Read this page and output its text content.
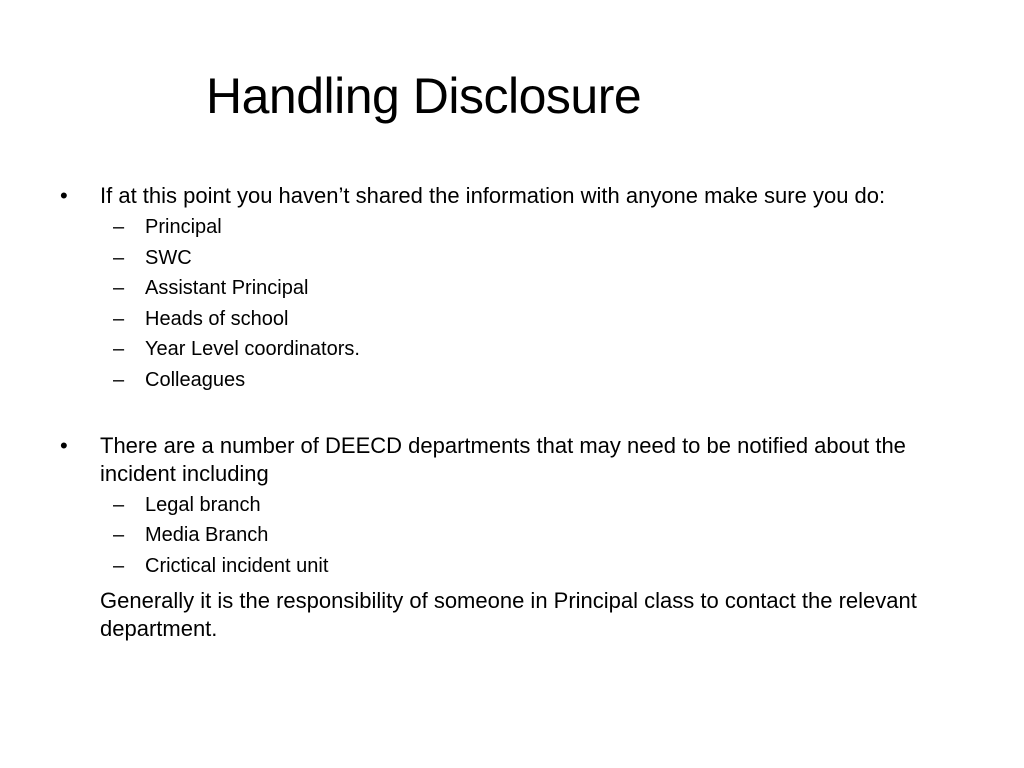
Handling Disclosure
•	If at this point you haven’t shared the information with anyone make sure you do:
– Principal
– SWC
– Assistant Principal
– Heads of school
– Year Level coordinators.
– Colleagues
•	There are a number of DEECD departments that may need to be notified about the incident including
– Legal branch
– Media Branch
– Crictical incident unit
Generally it is the responsibility of someone in Principal class to contact the relevant department.
